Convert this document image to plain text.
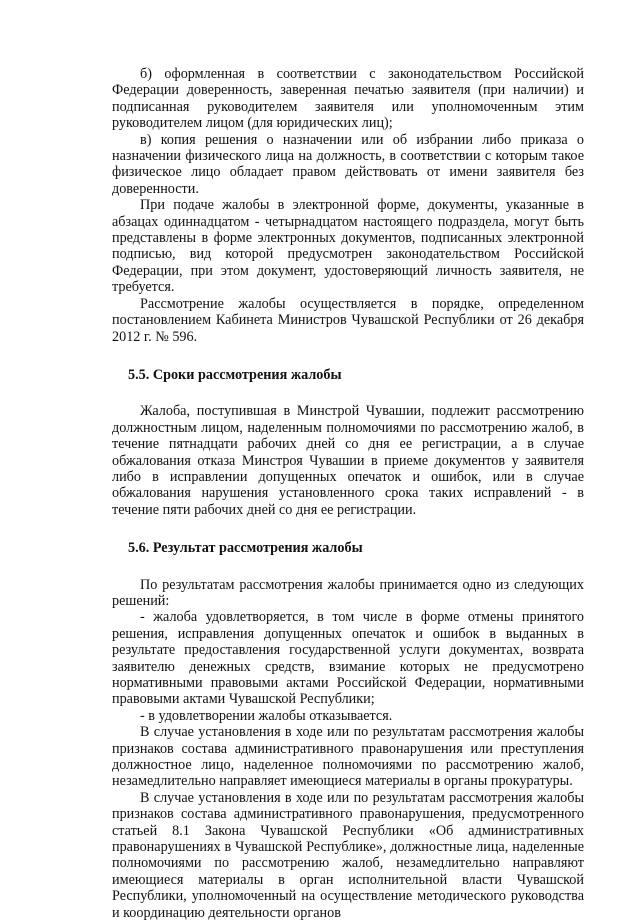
б) оформленная в соответствии с законодательством Российской Федерации доверенность, заверенная печатью заявителя (при наличии) и подписанная руководителем заявителя или уполномоченным этим руководителем лицом (для юридических лиц);

в) копия решения о назначении или об избрании либо приказа о назначении физического лица на должность, в соответствии с которым такое физическое лицо обладает правом действовать от имени заявителя без доверенности.

При подаче жалобы в электронной форме, документы, указанные в абзацах одиннадцатом - четырнадцатом настоящего подраздела, могут быть представлены в форме электронных документов, подписанных электронной подписью, вид которой предусмотрен законодательством Российской Федерации, при этом документ, удостоверяющий личность заявителя, не требуется.

Рассмотрение жалобы осуществляется в порядке, определенном постановлением Кабинета Министров Чувашской Республики от 26 декабря 2012 г. № 596.

5.5. Сроки рассмотрения жалобы

Жалоба, поступившая в Минстрой Чувашии, подлежит рассмотрению должностным лицом, наделенным полномочиями по рассмотрению жалоб, в течение пятнадцати рабочих дней со дня ее регистрации, а в случае обжалования отказа Минстроя Чувашии в приеме документов у заявителя либо в исправлении допущенных опечаток и ошибок, или в случае обжалования нарушения установленного срока таких исправлений - в течение пяти рабочих дней со дня ее регистрации.

5.6. Результат рассмотрения жалобы

По результатам рассмотрения жалобы принимается одно из следующих решений:

- жалоба удовлетворяется, в том числе в форме отмены принятого решения, исправления допущенных опечаток и ошибок в выданных в результате предоставления государственной услуги документах, возврата заявителю денежных средств, взимание которых не предусмотрено нормативными правовыми актами Российской Федерации, нормативными правовыми актами Чувашской Республики;

- в удовлетворении жалобы отказывается.

В случае установления в ходе или по результатам рассмотрения жалобы признаков состава административного правонарушения или преступления должностное лицо, наделенное полномочиями по рассмотрению жалоб, незамедлительно направляет имеющиеся материалы в органы прокуратуры.

В случае установления в ходе или по результатам рассмотрения жалобы признаков состава административного правонарушения, предусмотренного статьей 8.1 Закона Чувашской Республики «Об административных правонарушениях в Чувашской Республике», должностные лица, наделенные полномочиями по рассмотрению жалоб, незамедлительно направляют имеющиеся материалы в орган исполнительной власти Чувашской Республики, уполномоченный на осуществление методического руководства и координацию деятельности органов
